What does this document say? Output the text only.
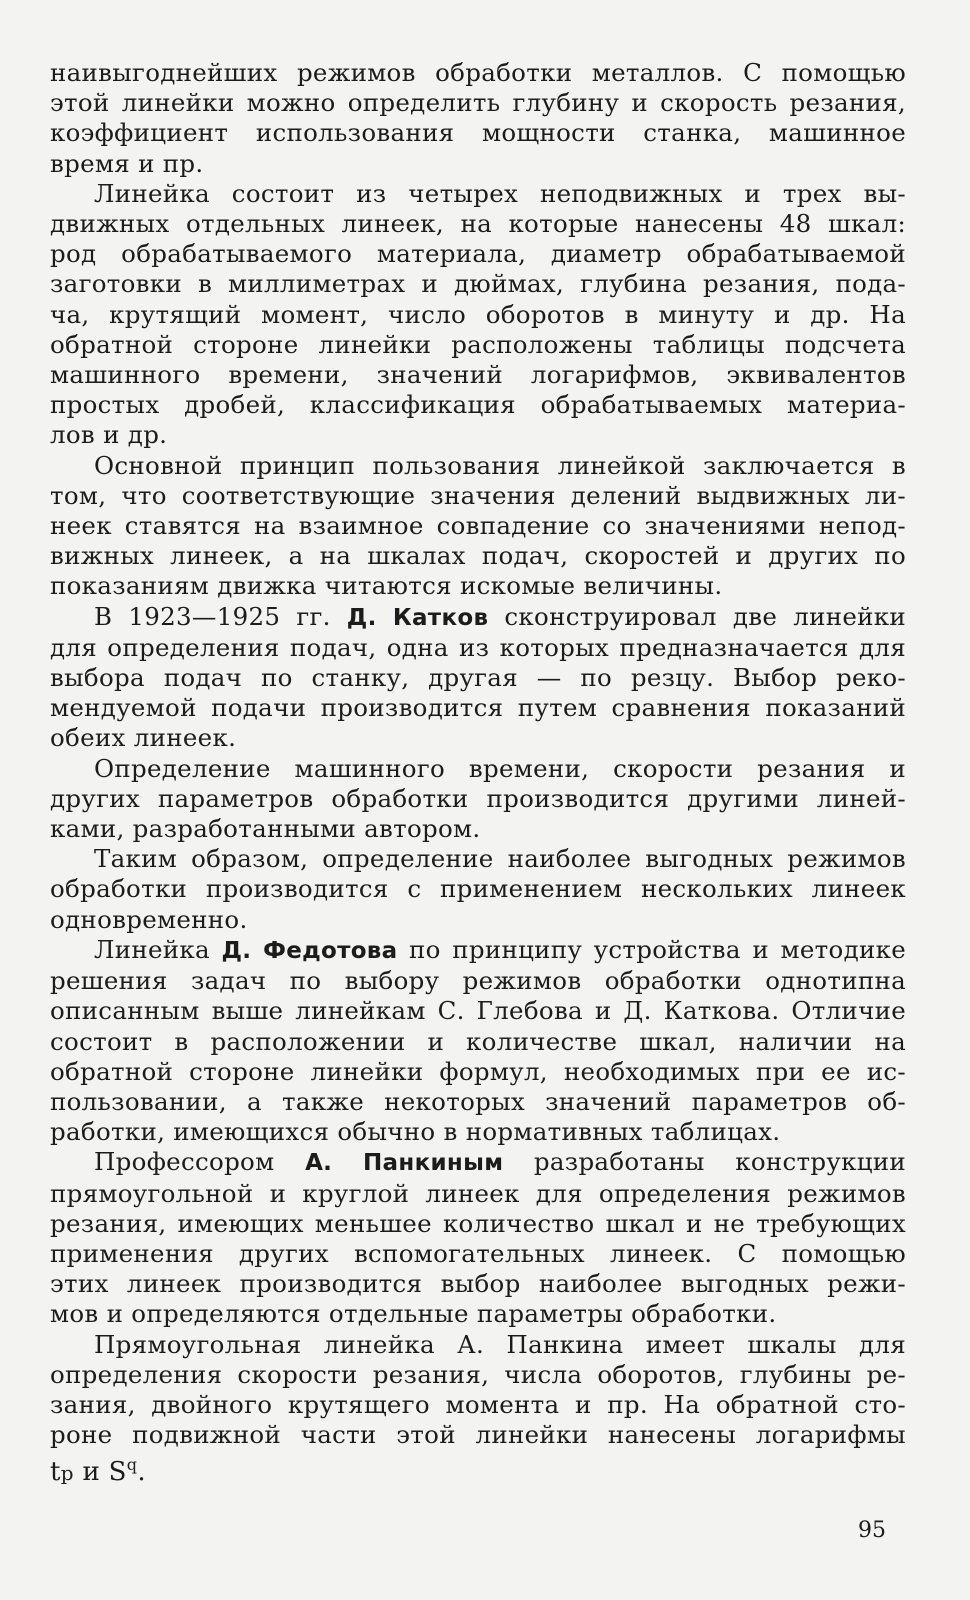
наивыгоднейших режимов обработки металлов. С помощью
этой линейки можно определить глубину и скорость резания,
коэффициент использования мощности станка, машинное
время и пр.
Линейка состоит из четырех неподвижных и трех вы-
движных отдельных линеек, на которые нанесены 48 шкал:
род обрабатываемого материала, диаметр обрабатываемой
заготовки в миллиметрах и дюймах, глубина резания, пода-
ча, крутящий момент, число оборотов в минуту и др. На
обратной стороне линейки расположены таблицы подсчета
машинного времени, значений логарифмов, эквивалентов
простых дробей, классификация обрабатываемых материа-
лов и др.
Основной принцип пользования линейкой заключается в
том, что соответствующие значения делений выдвижных ли-
неек ставятся на взаимное совпадение со значениями непод-
вижных линеек, а на шкалах подач, скоростей и других по
показаниям движка читаются искомые величины.
В 1923—1925 гг. Д. Катков сконструировал две линейки
для определения подач, одна из которых предназначается для
выбора подач по станку, другая — по резцу. Выбор реко-
мендуемой подачи производится путем сравнения показаний
обеих линеек.
Определение машинного времени, скорости резания и
других параметров обработки производится другими линей-
ками, разработанными автором.
Таким образом, определение наиболее выгодных режимов
обработки производится с применением нескольких линеек
одновременно.
Линейка Д. Федотова по принципу устройства и методике
решения задач по выбору режимов обработки однотипна
описанным выше линейкам С. Глебова и Д. Каткова. Отличие
состоит в расположении и количестве шкал, наличии на
обратной стороне линейки формул, необходимых при ее ис-
пользовании, а также некоторых значений параметров об-
работки, имеющихся обычно в нормативных таблицах.
Профессором А. Панкиным разработаны конструкции
прямоугольной и круглой линеек для определения режимов
резания, имеющих меньшее количество шкал и не требующих
применения других вспомогательных линеек. С помощью
этих линеек производится выбор наиболее выгодных режи-
мов и определяются отдельные параметры обработки.
Прямоугольная линейка А. Панкина имеет шкалы для
определения скорости резания, числа оборотов, глубины ре-
зания, двойного крутящего момента и пр. На обратной сто-
роне подвижной части этой линейки нанесены логарифмы
tp и $S^q$.
95
